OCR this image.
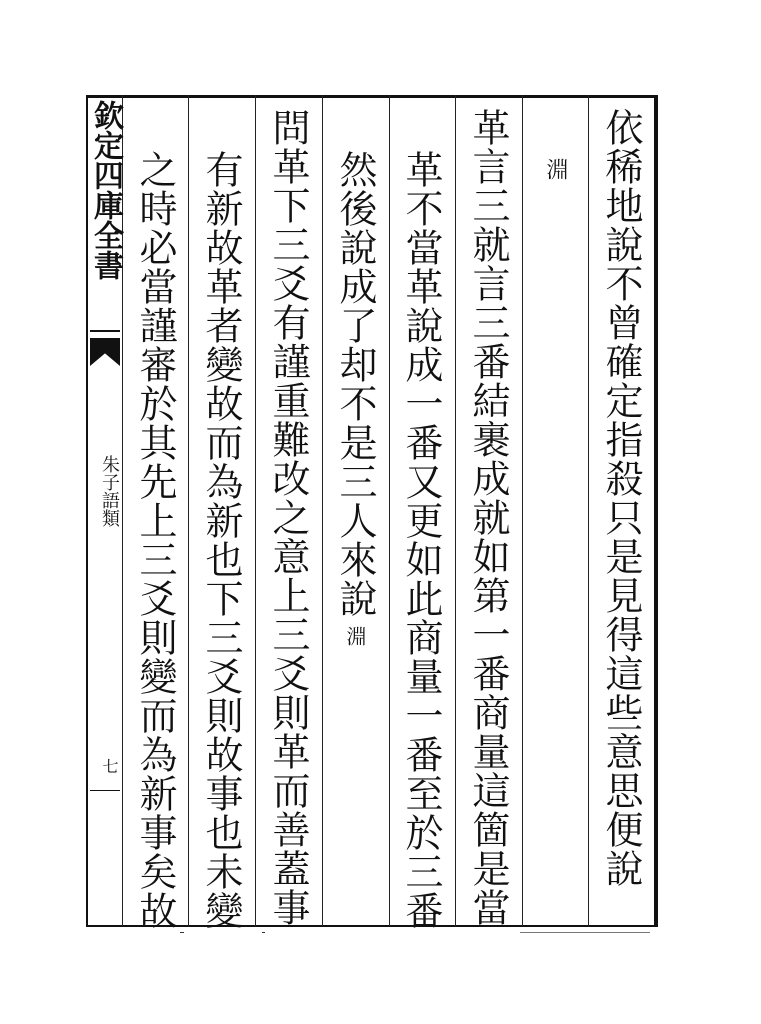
欽定四庫全書
朱子語類
七	依稀地說不曾確定指殺只是見得這些意思便說
淵
革言三就言三番結裹成就如第一番商量這箇是當
革不當革說成一番又更如此商量一番至於三番
然後說成了却不是三人來說淵
問革下三爻有謹重難改之意上三爻則革而善蓋事
有新故革者變故而為新也下三爻則故事也未變
之時必當謹審於其先上三爻則變而為新事矣故
